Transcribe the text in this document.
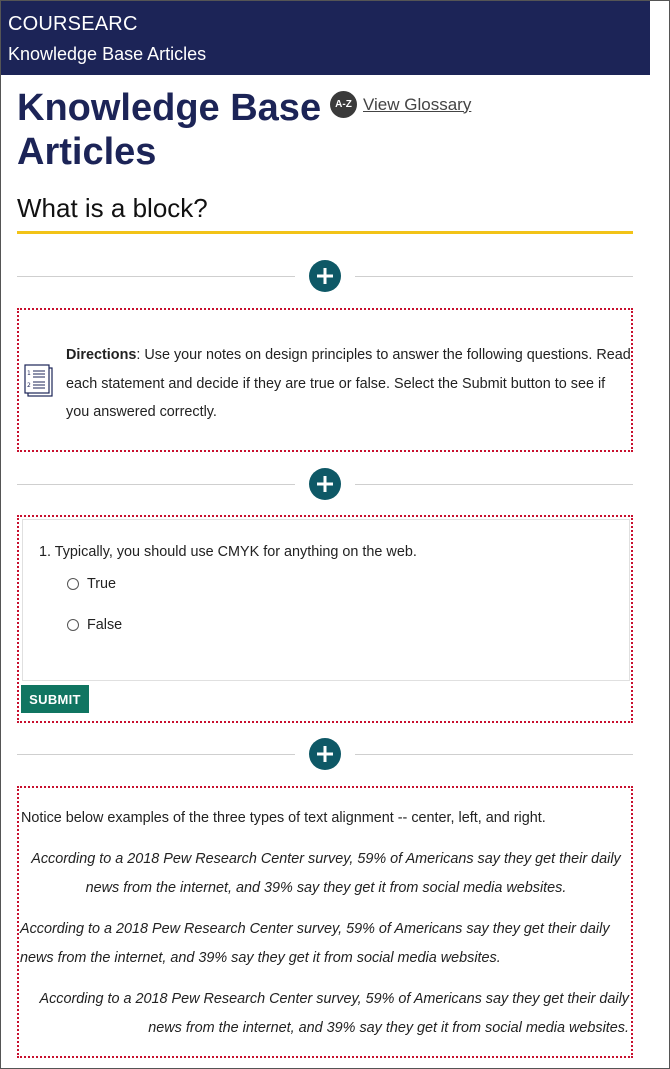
COURSEARC
Knowledge Base Articles
Knowledge Base Articles
A-Z View Glossary
What is a block?
1
2
Directions: Use your notes on design principles to answer the following questions. Read each statement and decide if they are true or false. Select the Submit button to see if you answered correctly.
1. Typically, you should use CMYK for anything on the web.
True
False
SUBMIT

Notice below examples of the three types of text alignment -- center, left, and right.

According to a 2018 Pew Research Center survey, 59% of Americans say they get their daily news from the internet, and 39% say they get it from social media websites.

According to a 2018 Pew Research Center survey, 59% of Americans say they get their daily news from the internet, and 39% say they get it from social media websites.

According to a 2018 Pew Research Center survey, 59% of Americans say they get their daily news from the internet, and 39% say they get it from social media websites.
